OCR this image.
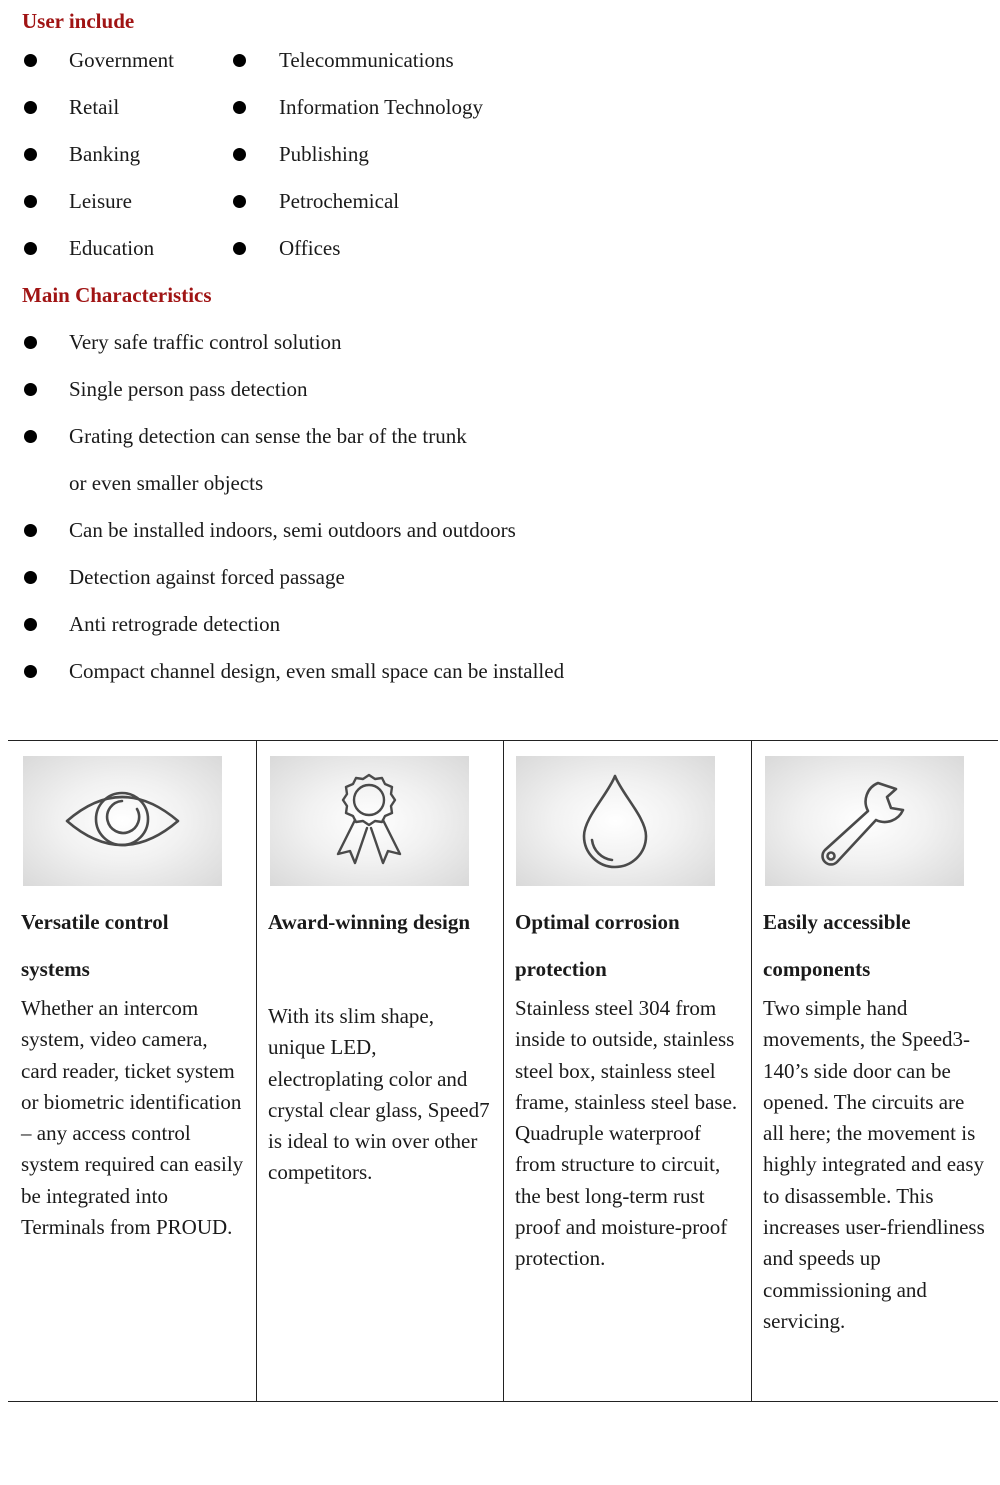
User include
Government
Retail
Banking
Leisure
Education
Telecommunications
Information Technology
Publishing
Petrochemical
Offices
Main Characteristics
Very safe traffic control solution
Single person pass detection
Grating detection can sense the bar of the trunk
or even smaller objects
Can be installed indoors, semi outdoors and outdoors
Detection against forced passage
Anti retrograde detection
Compact channel design, even small space can be installed

Versatile control

systems

Whether an intercom system, video camera, card reader, ticket system or biometric identification – any access control system required can easily be integrated into Terminals from PROUD.

Award-winning design

With its slim shape, unique LED, electroplating color and crystal clear glass, Speed7 is ideal to win over other competitors.

Optimal corrosion

protection

Stainless steel 304 from inside to outside, stainless steel box, stainless steel frame, stainless steel base. Quadruple waterproof from structure to circuit, the best long-term rust proof and moisture-proof protection.

Easily accessible

components

Two simple hand movements, the Speed3-140’s side door can be opened. The circuits are all here; the movement is highly integrated and easy to disassemble. This increases user-friendliness and speeds up commissioning and servicing.
